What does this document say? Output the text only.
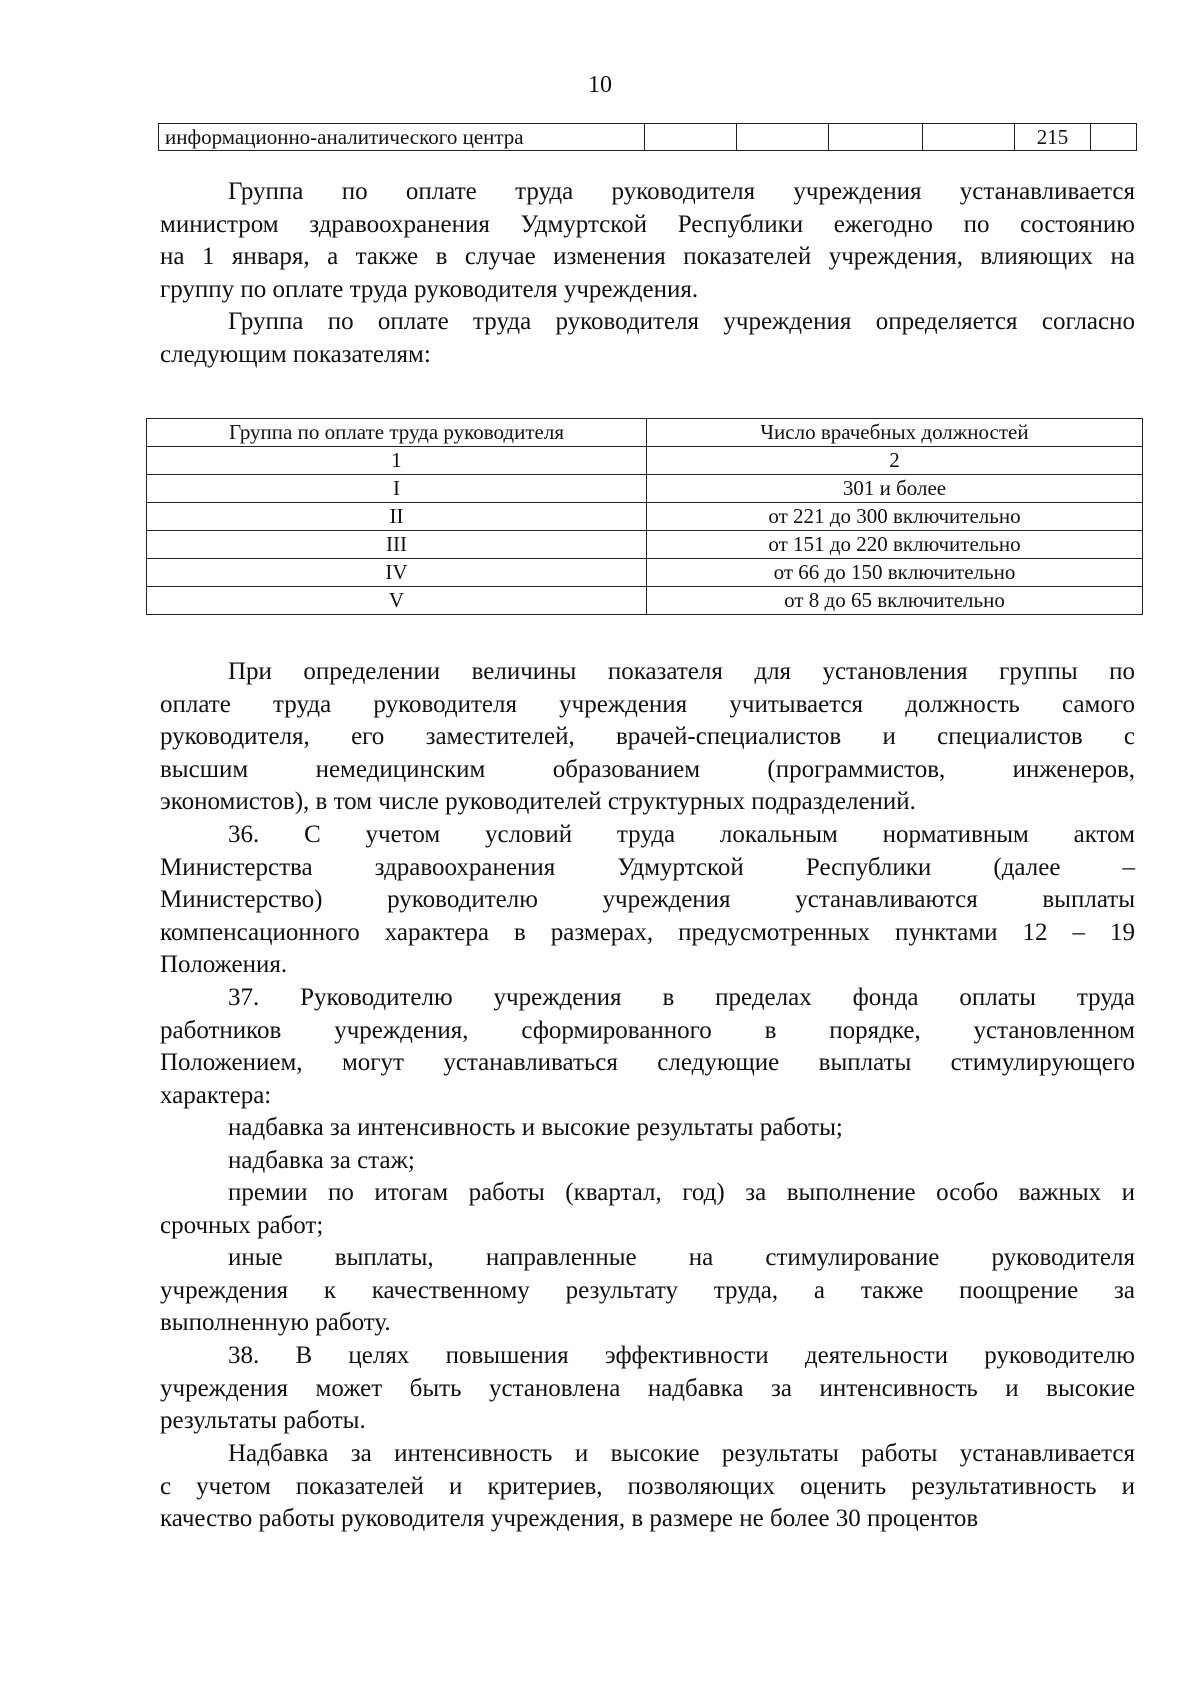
10
информационно-аналитического центра					215	
Группа по оплате труда руководителя учреждения устанавливается
министром здравоохранения Удмуртской Республики ежегодно по состоянию
на 1 января, а также в случае изменения показателей учреждения, влияющих на
группу по оплате труда руководителя учреждения.
Группа по оплате труда руководителя учреждения определяется согласно
следующим показателям:
Группа по оплате труда руководителя	Число врачебных должностей
1	2
I	301 и более
II	от 221 до 300 включительно
III	от 151 до 220 включительно
IV	от 66 до 150 включительно
V	от 8 до 65 включительно
При определении величины показателя для установления группы по
оплате труда руководителя учреждения учитывается должность самого
руководителя, его заместителей, врачей-специалистов и специалистов с
высшим немедицинским образованием (программистов, инженеров,
экономистов), в том числе руководителей структурных подразделений.
36. С учетом условий труда локальным нормативным актом
Министерства здравоохранения Удмуртской Республики (далее –
Министерство) руководителю учреждения устанавливаются выплаты
компенсационного характера в размерах, предусмотренных пунктами 12 – 19
Положения.
37. Руководителю учреждения в пределах фонда оплаты труда
работников учреждения, сформированного в порядке, установленном
Положением, могут устанавливаться следующие выплаты стимулирующего
характера:
надбавка за интенсивность и высокие результаты работы;
надбавка за стаж;
премии по итогам работы (квартал, год) за выполнение особо важных и
срочных работ;
иные выплаты, направленные на стимулирование руководителя
учреждения к качественному результату труда, а также поощрение за
выполненную работу.
38. В целях повышения эффективности деятельности руководителю
учреждения может быть установлена надбавка за интенсивность и высокие
результаты работы.
Надбавка за интенсивность и высокие результаты работы устанавливается
с учетом показателей и критериев, позволяющих оценить результативность и
качество работы руководителя учреждения, в размере не более 30 процентов
